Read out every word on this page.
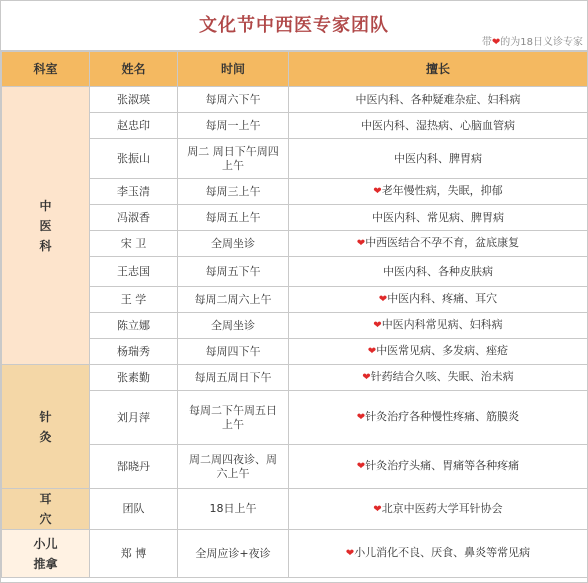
文化节中西医专家团队
带❤的为18日义诊专家
科室	姓名	时间	擅长
中
医
科	张淑瑛	每周六下午	中医内科、各种疑难杂症、妇科病
	赵忠印	每周一上午	中医内科、湿热病、心脑血管病
	张振山	周二 周日下午周四上午	中医内科、脾胃病
	李玉清	每周三上午	❤老年慢性病，失眠，抑郁
	冯淑香	每周五上午	中医内科、常见病、脾胃病
	宋 卫	全周坐诊	❤中西医结合不孕不育，盆底康复
	王志国	每周五下午	中医内科、各种皮肤病
	王 学	每周二周六上午	❤中医内科、疼痛、耳穴
	陈立娜	全周坐诊	❤中医内科常见病、妇科病
	杨瑞秀	每周四下午	❤中医常见病、多发病、痤疮
针
灸	张素勤	每周五周日下午	❤针药结合久咳、失眠、治未病
	刘月萍	每周二下午周五日上午	❤针灸治疗各种慢性疼痛、筋膜炎
	郜晓丹	周二周四夜诊、周六上午	❤针灸治疗头痛、胃痛等各种疼痛
耳
穴	团队	18日上午	❤北京中医药大学耳针协会
小儿
推拿	郑 博	全周应诊+夜诊	❤小儿消化不良、厌食、鼻炎等常见病
